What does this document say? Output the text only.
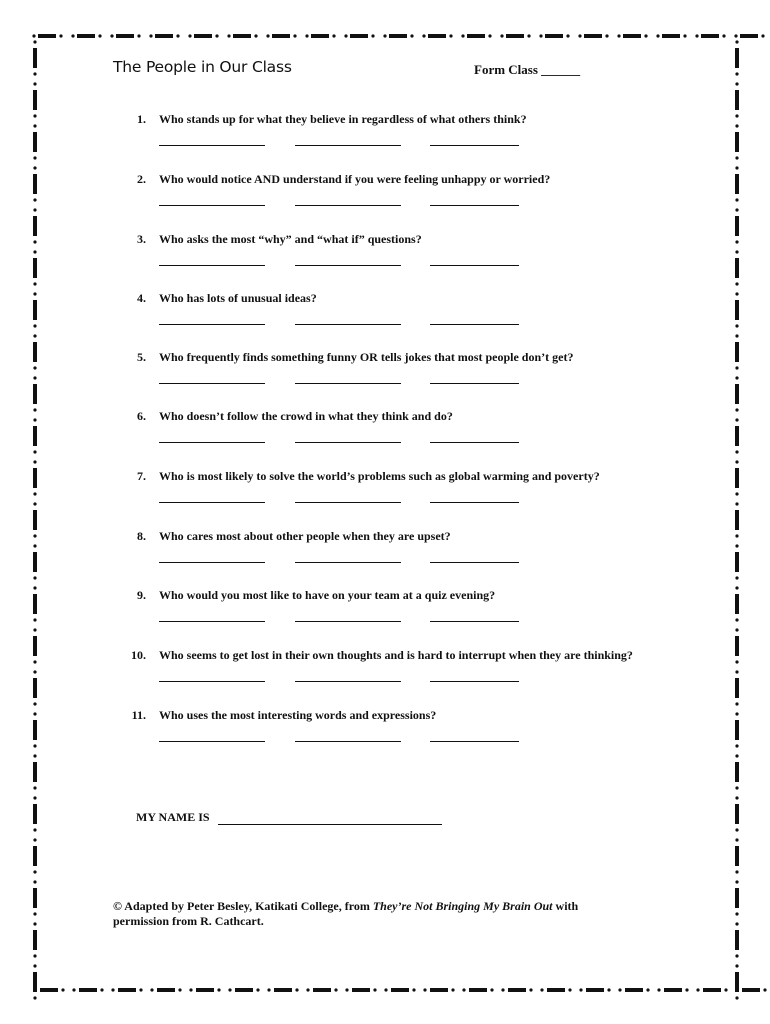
The People in Our Class	Form Class ______
1. Who stands up for what they believe in regardless of what others think?
2. Who would notice AND understand if you were feeling unhappy or worried?
3. Who asks the most “why” and “what if” questions?
4. Who has lots of unusual ideas?
5. Who frequently finds something funny OR tells jokes that most people don’t get?
6. Who doesn’t follow the crowd in what they think and do?
7. Who is most likely to solve the world’s problems such as global warming and poverty?
8. Who cares most about other people when they are upset?
9. Who would you most like to have on your team at a quiz evening?
10. Who seems to get lost in their own thoughts and is hard to interrupt when they are thinking?
11. Who uses the most interesting words and expressions?
MY NAME IS
© Adapted by Peter Besley, Katikati College, from They’re Not Bringing My Brain Out with permission from R. Cathcart.
